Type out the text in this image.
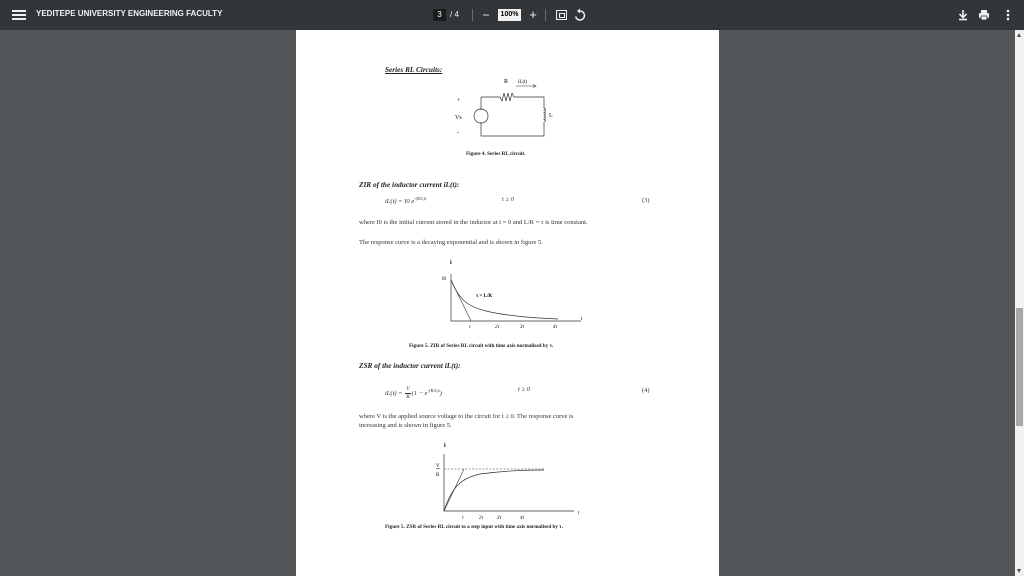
YEDITEPE UNIVERSITY ENGINEERING FACULTY	3	/ 4 −	100% +
Series RL Circuits:
R iL(t)
+
Vs
-
L
Figure 4. Series RL circuit.
ZIR of the inductor current iL(t):
iL(t) = I0 $e^{-(R/L)t}$	t ≥ 0	(3)
where I0 is the initial current stored in the inductor at t = 0 and L/R = τ is time constant.
The response curve is a decaying exponential and is shown in figure 5.
i
I0
τ = L/R
τ	2τ	3τ	4τ
t
Figure 5. ZIR of Series RL circuit with time axis normalised by τ.
ZSR of the inductor current iL(t):
$iL(t) = \frac{V}{R} (1 - e^{-(R/L)t})$
t ≥ 0	(4)
where V is the applied source voltage to the circuit for t ≥ 0. The response curve is
increasing and is shown in figure 5.
i
V
R
τ	2τ	3τ	4τ
t
Figure 5. ZSR of Series RL circuit to a step input with time axis normalised by τ.
